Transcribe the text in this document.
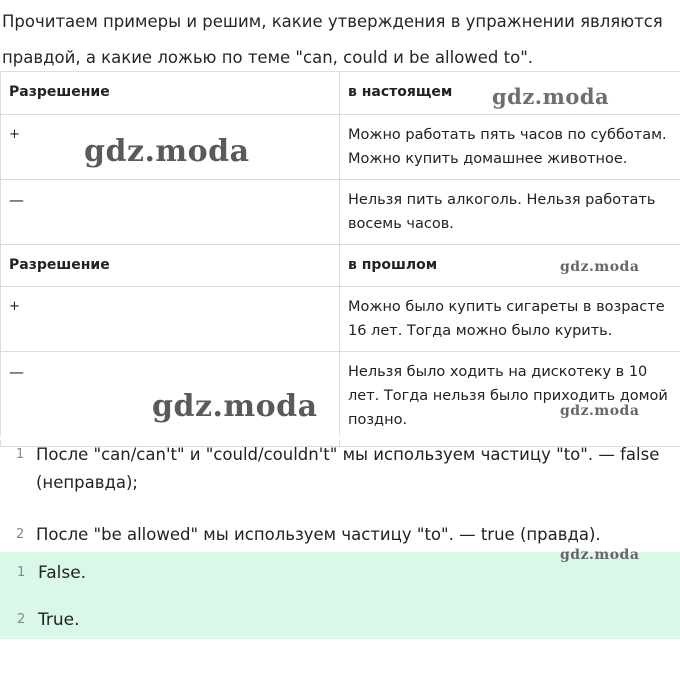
Прочитаем примеры и решим, какие утверждения в упражнении являются правдой, а какие ложью по теме "can, could и be allowed to".
Разрешение	в настоящем
+	Можно работать пять часов по субботам. Можно купить домашнее животное.
—	Нельзя пить алкоголь. Нельзя работать восемь часов.
Разрешение	в прошлом
+	Можно было купить сигареты в возрасте 16 лет. Тогда можно было курить.
—	Нельзя было ходить на дискотеку в 10 лет. Тогда нельзя было приходить домой поздно.
1 После "can/can't" и "could/couldn't" мы используем частицу "to". — false (неправда);
2 После "be allowed" мы используем частицу "to". — true (правда).
1 False.
2 True.
gdz.moda
gdz.moda
gdz.moda
gdz.moda	gdz.moda
gdz.moda
